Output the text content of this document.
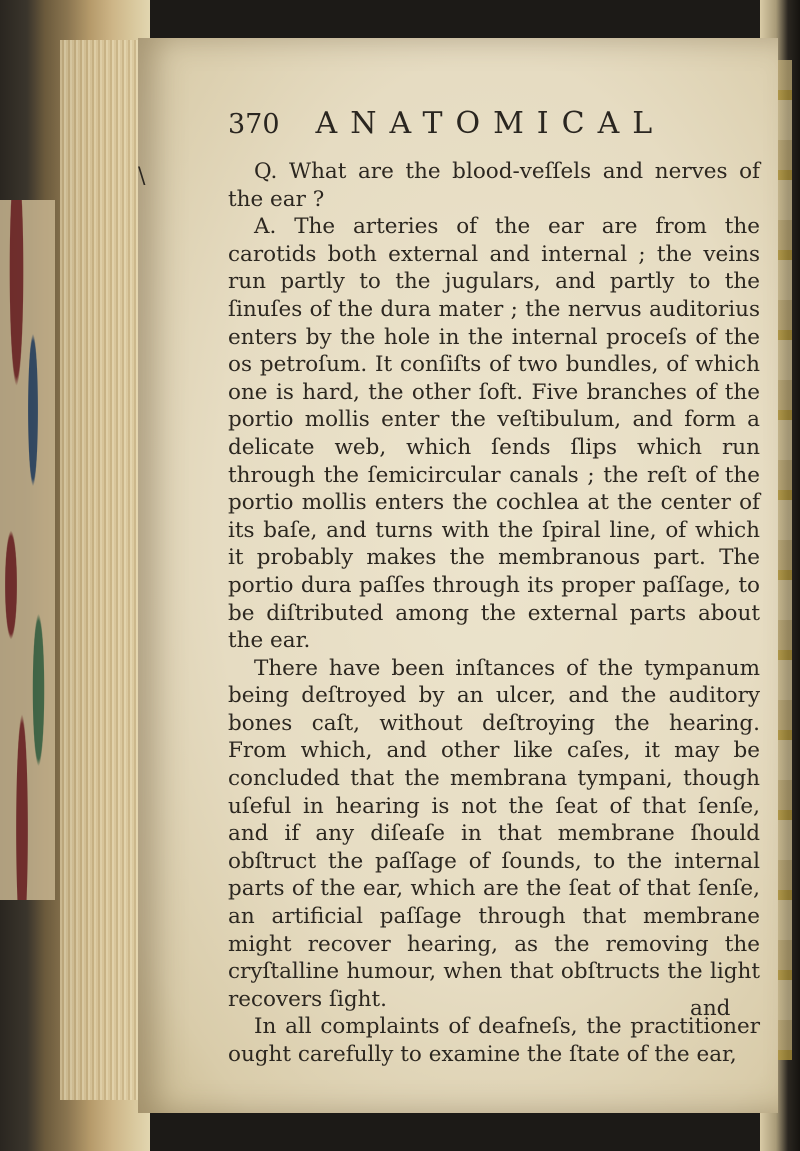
\
370 ANATOMICAL

Q. What are the blood-veſſels and nerves of the ear ?

A. The arteries of the ear are from the carotids both external and internal ; the veins run partly to the jugulars, and partly to the ſinuſes of the dura mater ; the nervus auditorius enters by the hole in the internal proceſs of the os petroſum. It conſiſts of two bundles, of which one is hard, the other ſoft. Five branches of the portio mollis enter the veſtibulum, and form a delicate web, which ſends ſlips which run through the ſemicircular canals ; the reſt of the portio mollis enters the cochlea at the center of its baſe, and turns with the ſpiral line, of which it probably makes the membranous part. The portio dura paſſes through its proper paſſage, to be diſtributed among the external parts about the ear.

There have been inſtances of the tympanum being deſtroyed by an ulcer, and the auditory bones caſt, without deſtroying the hearing. From which, and other like caſes, it may be concluded that the membrana tympani, though uſeful in hearing is not the ſeat of that ſenſe, and if any diſeaſe in that membrane ſhould obſtruct the paſſage of ſounds, to the internal parts of the ear, which are the ſeat of that ſenſe, an artificial paſſage through that membrane might recover hearing, as the removing the cryſtalline humour, when that obſtructs the light recovers ſight.

In all complaints of deafneſs, the practitioner ought carefully to examine the ſtate of the ear,

and
